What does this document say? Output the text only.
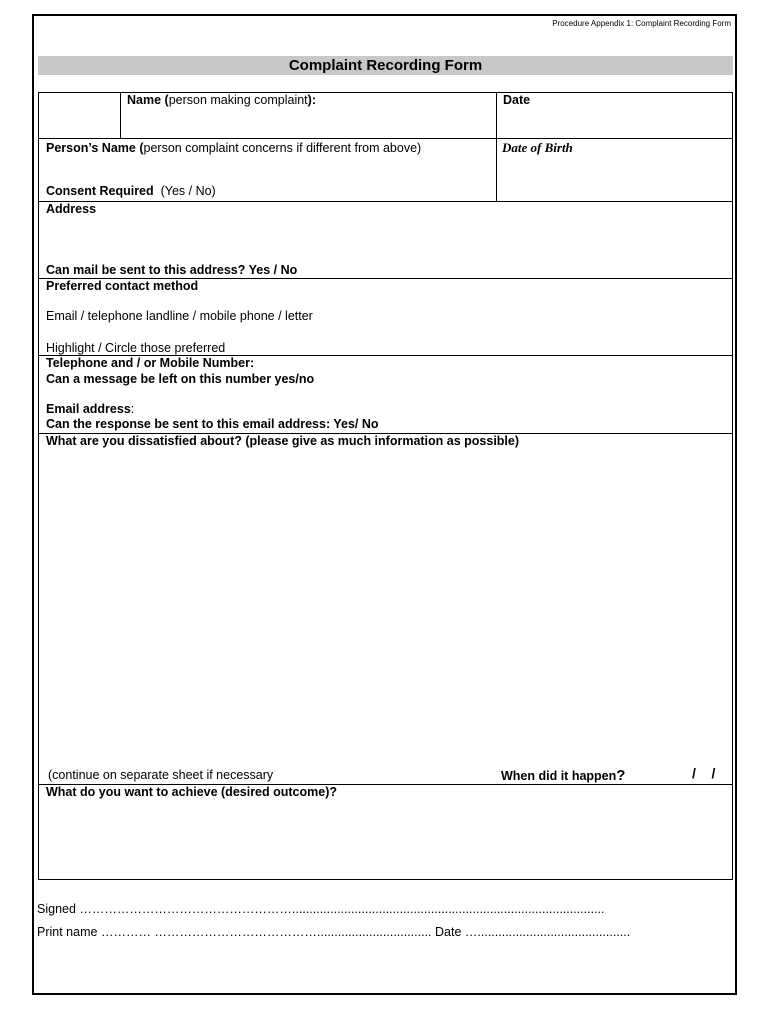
Procedure Appendix 1: Complaint Recording Form
Complaint Recording Form
Name (person making complaint):	Date
Person’s Name (person complaint concerns if different from above)
Consent Required (Yes / No)
Date of Birth
Address
Can mail be sent to this address? Yes / No
Preferred contact method
Email / telephone landline / mobile phone / letter
Highlight / Circle those preferred
Telephone and / or Mobile Number:
Can a message be left on this number yes/no
Email address:
Can the response be sent to this email address: Yes/ No
What are you dissatisfied about? (please give as much information as possible)
(continue on separate sheet if necessary	When did it happen?	/    /
What do you want to achieve (desired outcome)?
Signed ……………………………………………..........................................................................................
Print name ………… …………………………………................................. Date …............................................
